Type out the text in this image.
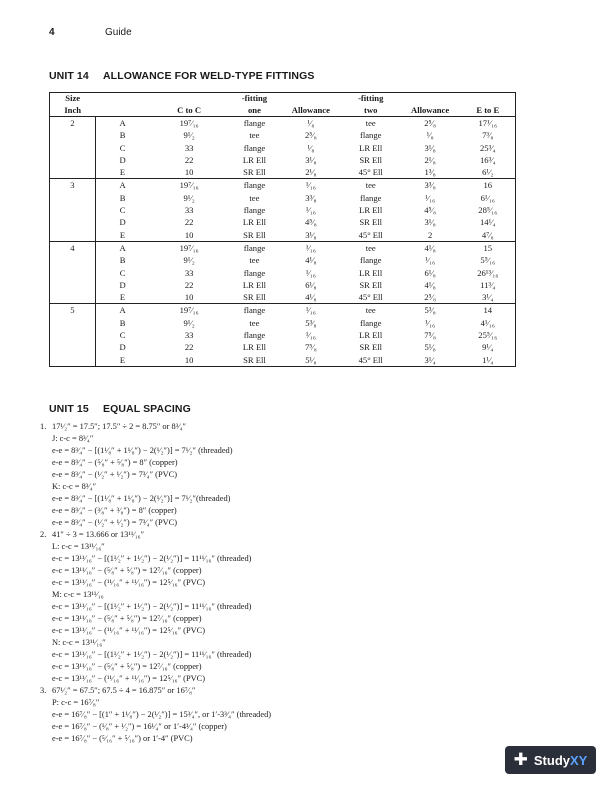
4	Guide
UNIT 14 ALLOWANCE FOR WELD-TYPE FITTINGS
Size			-fitting		-fitting		
Inch		C to C	one	Allowance	two	Allowance	E to E
2	A	19⁷⁄₁₆	flange	¹⁄₈	tee	2⁵⁄₈	17¹⁄₁₆
	B	9¹⁄₂	tee	2⁵⁄₈	flange	¹⁄₈	7³⁄₈
	C	33	flange	¹⁄₈	LR Ell	3¹⁄₈	25³⁄₄
	D	22	LR Ell	3¹⁄₈	SR Ell	2¹⁄₈	16³⁄₄
	E	10	SR Ell	2¹⁄₈	45° Ell	1³⁄₈	6¹⁄₂
3	A	19⁷⁄₁₆	flange	¹⁄₁₆	tee	3³⁄₈	16
	B	9¹⁄₂	tee	3³⁄₈	flange	¹⁄₁₆	6¹⁄₁₆
	C	33	flange	¹⁄₁₆	LR Ell	4⁵⁄₈	28⁵⁄₁₆
	D	22	LR Ell	4⁵⁄₈	SR Ell	3¹⁄₈	14¹⁄₄
	E	10	SR Ell	3¹⁄₈	45° Ell	2	4⁷⁄₈
4	A	19⁷⁄₁₆	flange	¹⁄₁₆	tee	4¹⁄₈	15
	B	9¹⁄₂	tee	4¹⁄₈	flange	¹⁄₁₆	5⁵⁄₁₆
	C	33	flange	¹⁄₁₆	LR Ell	6¹⁄₈	26¹³⁄₁₆
	D	22	LR Ell	6¹⁄₈	SR Ell	4¹⁄₈	11³⁄₄
	E	10	SR Ell	4¹⁄₈	45° Ell	2⁵⁄₈	3¹⁄₄
5	A	19⁷⁄₁₆	flange	¹⁄₁₆	tee	5³⁄₈	14
	B	9¹⁄₂	tee	5³⁄₈	flange	¹⁄₁₆	4¹⁄₁₆
	C	33	flange	¹⁄₁₆	LR Ell	7⁵⁄₈	25⁵⁄₁₆
	D	22	LR Ell	7⁵⁄₈	SR Ell	5¹⁄₈	9¹⁄₄
	E	10	SR Ell	5¹⁄₈	45° Ell	3¹⁄₄	1¹⁄₄
UNIT 15 EQUAL SPACING
1. 17¹⁄₂″ = 17.5″; 17.5″ ÷ 2 = 8.75″ or 8³⁄₄″
J: c-c = 8³⁄₄″
e-e = 8³⁄₄″ − [(1¹⁄₈″ + 1¹⁄₈″) − 2(¹⁄₂″)] = 7¹⁄₂″ (threaded)
e-e = 8³⁄₄″ − (⁵⁄₈″ + ⁵⁄₈″) = 8″ (copper)
e-e = 8³⁄₄″ − (¹⁄₂″ + ¹⁄₂″) = 7³⁄₄″ (PVC)
K: c-c = 8³⁄₄″
e-e = 8³⁄₄″ − [(1¹⁄₈″ + 1¹⁄₈″) − 2(¹⁄₂″)] = 7¹⁄₂″(threaded)
e-e = 8³⁄₄″ − (³⁄₈″ + ³⁄₈″) = 8″ (copper)
e-e = 8³⁄₄″ − (¹⁄₂″ + ¹⁄₂″) = 7³⁄₄″ (PVC)
2. 41″ ÷ 3 = 13.666 or 13¹¹⁄₁₆″
L: c-c = 13¹¹⁄₁₆″
e-c = 13¹¹⁄₁₆″ − [(1¹⁄₂″ + 1¹⁄₂″) − 2(¹⁄₂″)] = 11¹¹⁄₁₆″ (threaded)
e-c = 13¹¹⁄₁₆″ − (⁵⁄₈″ + ⁵⁄₈″) = 12⁷⁄₁₆″ (copper)
e-c = 13¹¹⁄₁₆″ − (¹¹⁄₁₆″ + ¹¹⁄₁₆″) = 12⁵⁄₁₆″ (PVC)
M: c-c = 13¹¹⁄₁₆
e-c = 13¹¹⁄₁₆″ − [(1¹⁄₂″ + 1¹⁄₂″) − 2(¹⁄₂″)] = 11¹¹⁄₁₆″ (threaded)
e-c = 13¹¹⁄₁₆″ − (⁵⁄₈″ + ⁵⁄₈″) = 12⁷⁄₁₆″ (copper)
e-c = 13¹¹⁄₁₆″ − (¹¹⁄₁₆″ + ¹¹⁄₁₆″) = 12⁵⁄₁₆″ (PVC)
N: c-c = 13¹¹⁄₁₆″
e-c = 13¹¹⁄₁₆″ − [(1¹⁄₂″ + 1¹⁄₂″) − 2(¹⁄₂″)] = 11¹¹⁄₁₆″ (threaded)
e-c = 13¹¹⁄₁₆″ − (⁵⁄₈″ + ⁵⁄₈″) = 12⁷⁄₁₆″ (copper)
e-c = 13¹¹⁄₁₆″ − (¹¹⁄₁₆″ + ¹¹⁄₁₆″) = 12⁵⁄₁₆″ (PVC)
3. 67¹⁄₂″ = 67.5″; 67.5 ÷ 4 = 16.875″ or 16⁷⁄₈″
P: c-c = 16⁷⁄₈″
e-e = 16⁷⁄₈″ − [(1″ + 1¹⁄₈″) − 2(¹⁄₂″)] = 15³⁄₄″, or 1′-3³⁄₄″ (threaded)
e-e = 16⁷⁄₈″ − (¹⁄₈″ + ¹⁄₂″) = 16¹⁄₄″ or 1′-4¹⁄₄″ (copper)
e-e = 16⁷⁄₈″ − (⁵⁄₁₆″ + ⁵⁄₁₆″) or 1′-4″ (PVC)
✚ Study XY
